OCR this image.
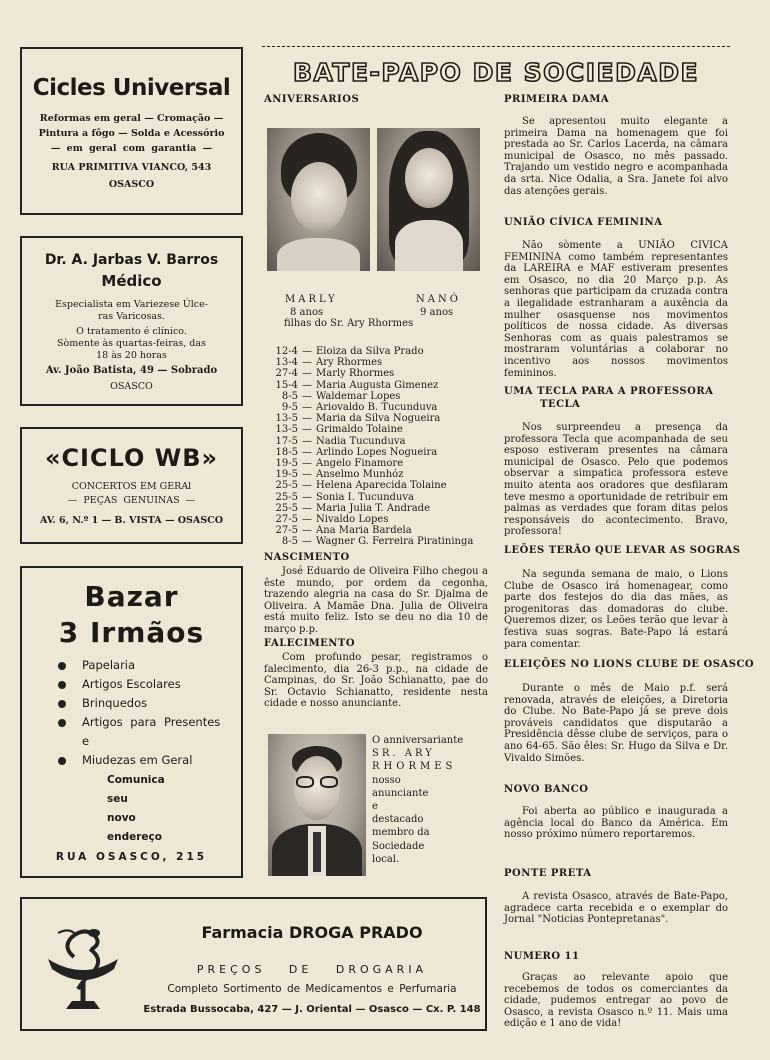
Cicles Universal
Reformas em geral — Cromação —
Pintura a fôgo — Solda e Acessório
— em geral com garantia —
RUA PRIMITIVA VIANCO, 543
OSASCO
Dr. A. Jarbas V. Barros
Médico
Especialista em Variezese Úlce-
ras Varicosas.
O tratamento é clínico.
Sòmente às quartas-feiras, das
18 às 20 horas
Av. João Batista, 49 — Sobrado
OSASCO
«CICLO WB»
CONCERTOS EM GERAl
— PEÇAS GENUINAS —
AV. 6, N.º 1 — B. VISTA — OSASCO
Bazar
3 Irmãos
Papelaria
Artigos Escolares
Brinquedos
Artigos para Presentes
e
Miudezas em Geral
Comunica
seu
novo
endereço
RUA OSASCO, 215
BATE-PAPO DE SOCIEDADE
ANIVERSARIOS
MARLY	NANÓ
8 anos	9 anos
filhas do Sr. Ary Rhormes
12-4 — Eloiza da Silva Prado
13-4 — Ary Rhormes
27-4 — Marly Rhormes
15-4 — Maria Augusta Gimenez
8-5 — Waldemar Lopes
9-5 — Ariovaldo B. Tucunduva
13-5 — Maria da Silva Nogueira
13-5 — Grimaldo Tolaine
17-5 — Nadia Tucunduva
18-5 — Arlindo Lopes Nogueira
19-5 — Angelo Finamore
19-5 — Anselmo Munhóz
25-5 — Helena Aparecida Tolaine
25-5 — Sonia I. Tucunduva
25-5 — Maria Julia T. Andrade
27-5 — Nivaldo Lopes
27-5 — Ana Maria Bardela
8-5 — Wagner G. Ferreira Piratininga
NASCIMENTO
José Eduardo de Oliveira Filho chegou a êste mundo, por ordem da cegonha, trazendo alegria na casa do Sr. Djalma de Oliveira. A Mamãe Dna. Julia de Oliveira está muito feliz. Isto se deu no dia 10 de março p.p.
FALECIMENTO
Com profundo pesar, registramos o falecimento, dia 26-3 p.p., na cidade de Campinas, do Sr. João Schianatto, pae do Sr. Octavio Schianatto, residente nesta cidade e nosso anunciante.
O anniversariante
SR. ARY
RHORMES
nosso
anunciante
e
destacado
membro da
Sociedade
local.
PRIMEIRA DAMA
Se apresentou muito elegante a primeira Dama na homenagem que foi prestada ao Sr. Carlos Lacerda, na câmara municipal de Osasco, no mês passado. Trajando um vestido negro e acompanhada da srta. Nice Odalia, a Sra. Janete foi alvo das atenções gerais.
UNIÃO CÍVICA FEMININA
Não sòmente a UNIÃO CIVICA FEMININA como também representantes da LAREIRA e MAF estiveram presentes em Osasco, no dia 20 Março p.p. As senhoras que participam da cruzada contra a ilegalidade estranharam a auxência da mulher osasquense nos movimentos políticos de nossa cidade. As diversas Senhoras com as quais palestramos se mostraram voluntárias a colaborar no incentivo aos nossos movimentos femininos.
UMA TECLA PARA A PROFESSORA
TECLA
Nos surpreendeu a presença da professora Tecla que acompanhada de seu esposo estiveram presentes na câmara municipal de Osasco. Pelo que podemos observar a simpatica professora esteve muito atenta aos oradores que desfilaram teve mesmo a oportunidade de retribuir em palmas as verdades que foram ditas pelos responsáveis do acontecimento. Bravo, professora!
LEÕES TERÃO QUE LEVAR AS SOGRAS
Na segunda semana de maio, o Lions Clube de Osasco irá homenagear, como parte dos festejos do dia das mães, as progenitoras das domadoras do clube. Queremos dizer, os Leões terão que levar à festiva suas sogras. Bate-Papo lá estará para comentar.
ELEIÇÕES NO LIONS CLUBE DE OSASCO
Durante o mês de Maio p.f. será renovada, através de eleições, a Diretoria do Clube. No Bate-Papo já se preve dois prováveis candidatos que disputarão a Presidência dêsse clube de serviços, para o ano 64-65. São êles: Sr. Hugo da Silva e Dr. Vivaldo Simões.
NOVO BANCO
Foi aberta ao público e inaugurada a agência local do Banco da América. Em nosso próximo número reportaremos.
PONTE PRETA
A revista Osasco, através de Bate-Papo, agradece carta recebida e o exemplar do Jornal "Noticias Pontepretanas".
NUMERO 11
Graças ao relevante apoio que recebemos de todos os comerciantes da cidade, pudemos entregar ao povo de Osasco, a revista Osasco n.º 11. Mais uma edição e 1 ano de vida!
Farmacia DROGA PRADO
PREÇOS DE DROGARIA
Completo Sortimento de Medicamentos e Perfumaria
Estrada Bussocaba, 427 — J. Oriental — Osasco — Cx. P. 148
